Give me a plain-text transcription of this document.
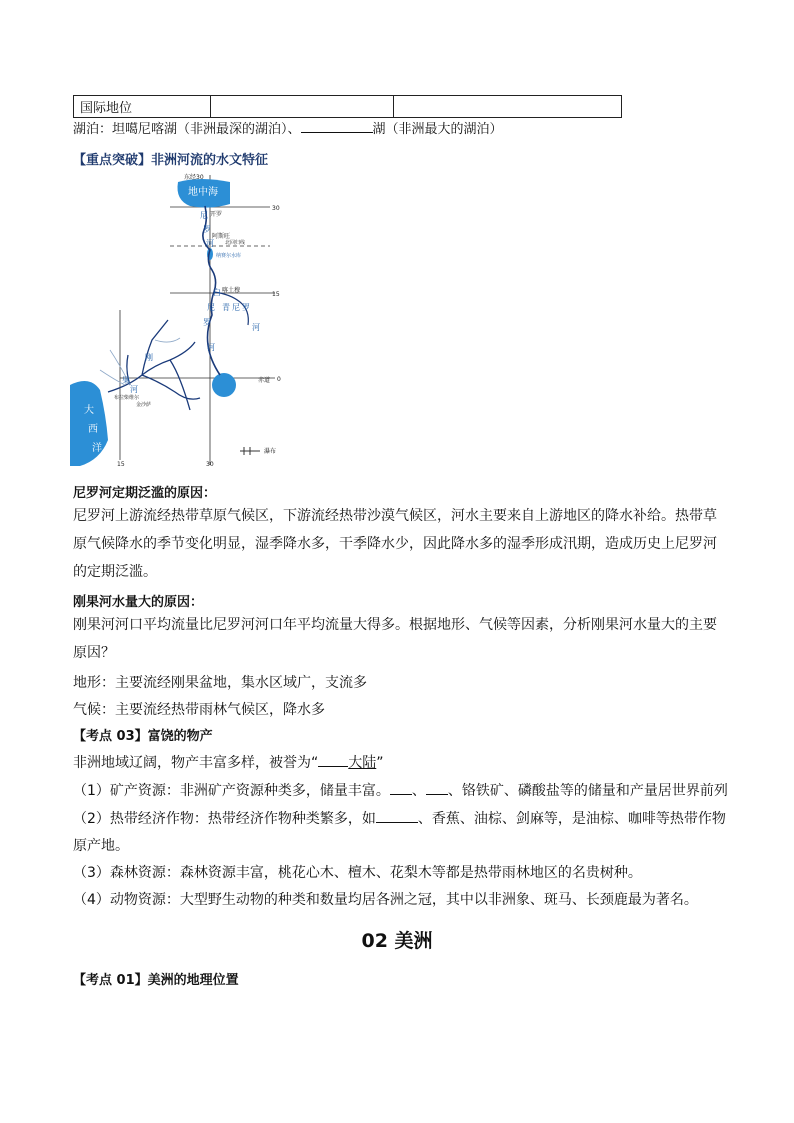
国际地位		
湖泊：坦噶尼喀湖（非洲最深的湖泊）、	湖（非洲最大的湖泊）
【重点突破】非洲河流的水文特征
东经30
地中海
开罗
阿斯旺
北回归线
纳赛尔水库
喀土穆
赤道
布拉柴维尔
金沙萨
瀑布
30
15
0
15	30
尼
罗
河
白
尼
罗
河
青 尼 罗
河
刚
果
河
大
西
洋
尼罗河定期泛滥的原因：
尼罗河上游流经热带草原气候区，下游流经热带沙漠气候区，河水主要来自上游地区的降水补给。热带草原气候降水的季节变化明显，湿季降水多，干季降水少，因此降水多的湿季形成汛期，造成历史上尼罗河的定期泛滥。
刚果河水量大的原因：
刚果河河口平均流量比尼罗河河口年平均流量大得多。根据地形、气候等因素，分析刚果河水量大的主要原因？
地形：主要流经刚果盆地，集水区域广，支流多
气候：主要流经热带雨林气候区，降水多
【考点 03】富饶的物产
非洲地域辽阔，物产丰富多样，被誉为“ 大陆”
（1）矿产资源：非洲矿产资源种类多，储量丰富。 、 、铬铁矿、磷酸盐等的储量和产量居世界前列
（2）热带经济作物：热带经济作物种类繁多，如	、香蕉、油棕、剑麻等，是油棕、咖啡等热带作物
原产地。
（3）森林资源：森林资源丰富，桃花心木、檀木、花梨木等都是热带雨林地区的名贵树种。
（4）动物资源：大型野生动物的种类和数量均居各洲之冠，其中以非洲象、斑马、长颈鹿最为著名。
02 美洲
【考点 01】美洲的地理位置
